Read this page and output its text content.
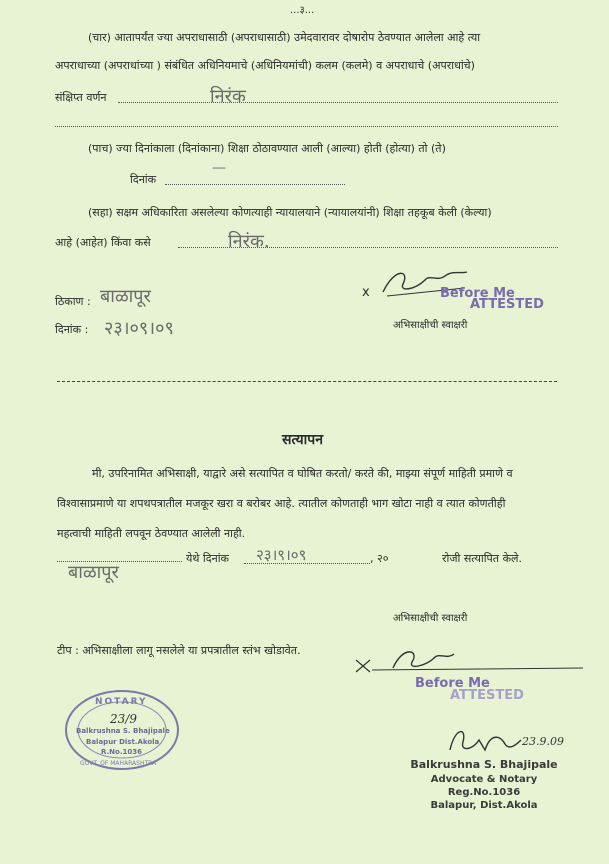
...३...
(चार) आतापर्यंत ज्या अपराधासाठी (अपराधासाठी) उमेदवारावर दोषारोप ठेवण्यात आलेला आहे त्या
अपराधाच्या (अपराधांच्या ) संबंधित अधिनियमाचे (अधिनियमांची) कलम (कलमे) व अपराधाचे (अपराधांचे)
संक्षिप्त वर्णन	निरंक
(पाच) ज्या दिनांकाला (दिनांकाना) शिक्षा ठोठावण्यात आली (आल्या) होती (होत्या) तो (ते)
दिनांक
—
(सहा) सक्षम अधिकारिता असलेल्या कोणत्याही न्यायालयाने (न्यायालयांनी) शिक्षा तहकूब केली (केल्या)
आहे (आहेत) किंवा कसे	निरंक.
ठिकाण : बाळापूर
दिनांक : २३।०९।०९
x	Before Me
ATTESTED
अभिसाक्षीची स्वाक्षरी
सत्यापन
मी, उपरिनामित अभिसाक्षी, याद्वारे असे सत्यापित व घोषित करतो/ करते की, माझ्या संपूर्ण माहिती प्रमाणे व
विश्वासाप्रमाणे या शपथपत्रातील मजकूर खरा व बरोबर आहे. त्यातील कोणताही भाग खोटा नाही व त्यात कोणतीही
महत्वाची माहिती लपवून ठेवण्यात आलेली नाही.
बाळापूर
येथे दिनांक २३।९।०९	, २०	रोजी सत्यापित केले.
अभिसाक्षीची स्वाक्षरी
टीप : अभिसाक्षीला लागू नसलेले या प्रपत्रातील स्तंभ खोडावेत.
Before Me
ATTESTED
NOTARY
Balkrushna S. Bhajipale
Balapur Dist.Akola
R.No.1036
GOVT. OF MAHARASHTRA
23/9
23.9.09
Balkrushna S. Bhajipale
Advocate & Notary
Reg.No.1036
Balapur, Dist.Akola
